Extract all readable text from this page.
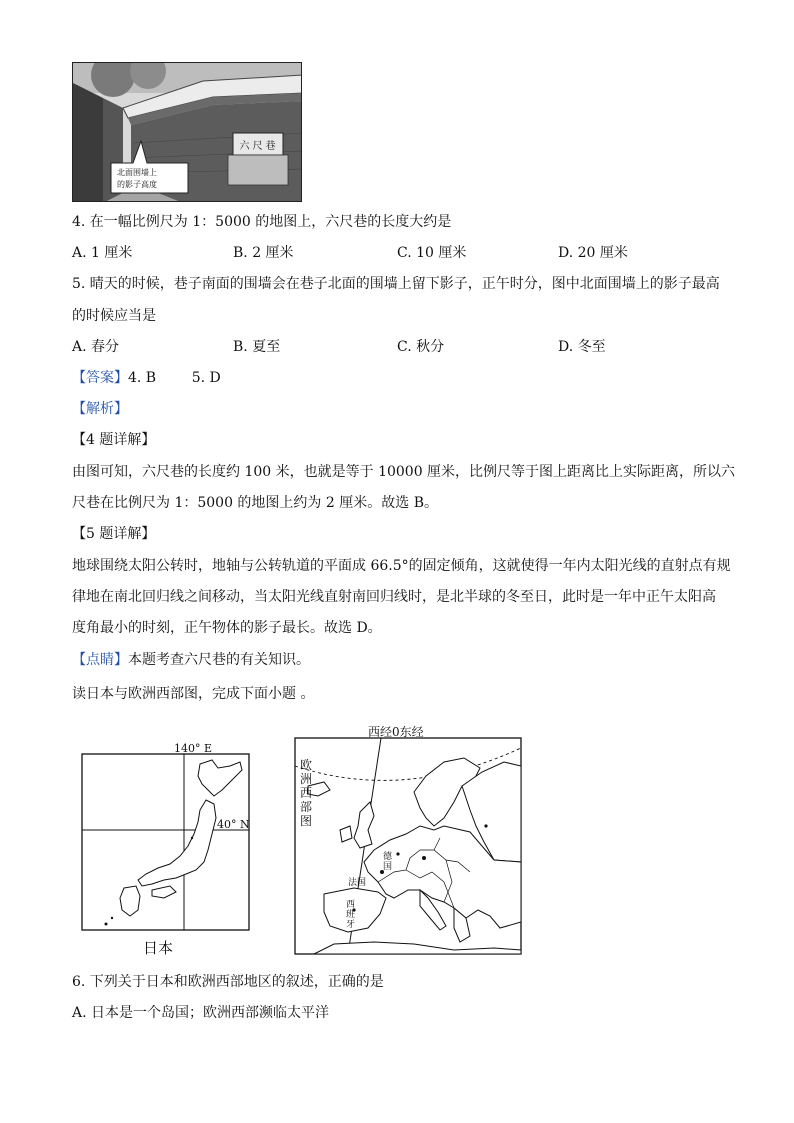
六尺巷
北面围墙上
的影子高度
4. 在一幅比例尺为 1：5000 的地图上，六尺巷的长度大约是
A. 1 厘米	B. 2 厘米	C. 10 厘米	D. 20 厘米
5. 晴天的时候，巷子南面的围墙会在巷子北面的围墙上留下影子，正午时分，图中北面围墙上的影子最高
的时候应当是
A. 春分	B. 夏至	C. 秋分	D. 冬至
【答案】4. B        5. D
【解析】
【4 题详解】
由图可知，六尺巷的长度约 100 米，也就是等于 10000 厘米，比例尺等于图上距离比上实际距离，所以六
尺巷在比例尺为 1：5000 的地图上约为 2 厘米。故选 B。
【5 题详解】
地球围绕太阳公转时，地轴与公转轨道的平面成 66.5°的固定倾角，这就使得一年内太阳光线的直射点有规
律地在南北回归线之间移动，当太阳光线直射南回归线时，是北半球的冬至日，此时是一年中正午太阳高
度角最小的时刻，正午物体的影子最长。故选 D。
【点睛】本题考查六尺巷的有关知识。
读日本与欧洲西部图，完成下面小题 。
140° E
40° N
日本
西经0东经
欧
洲
西
部
图
德
国
法国
西
班
牙
6. 下列关于日本和欧洲西部地区的叙述，正确的是
A. 日本是一个岛国；欧洲西部濒临太平洋
